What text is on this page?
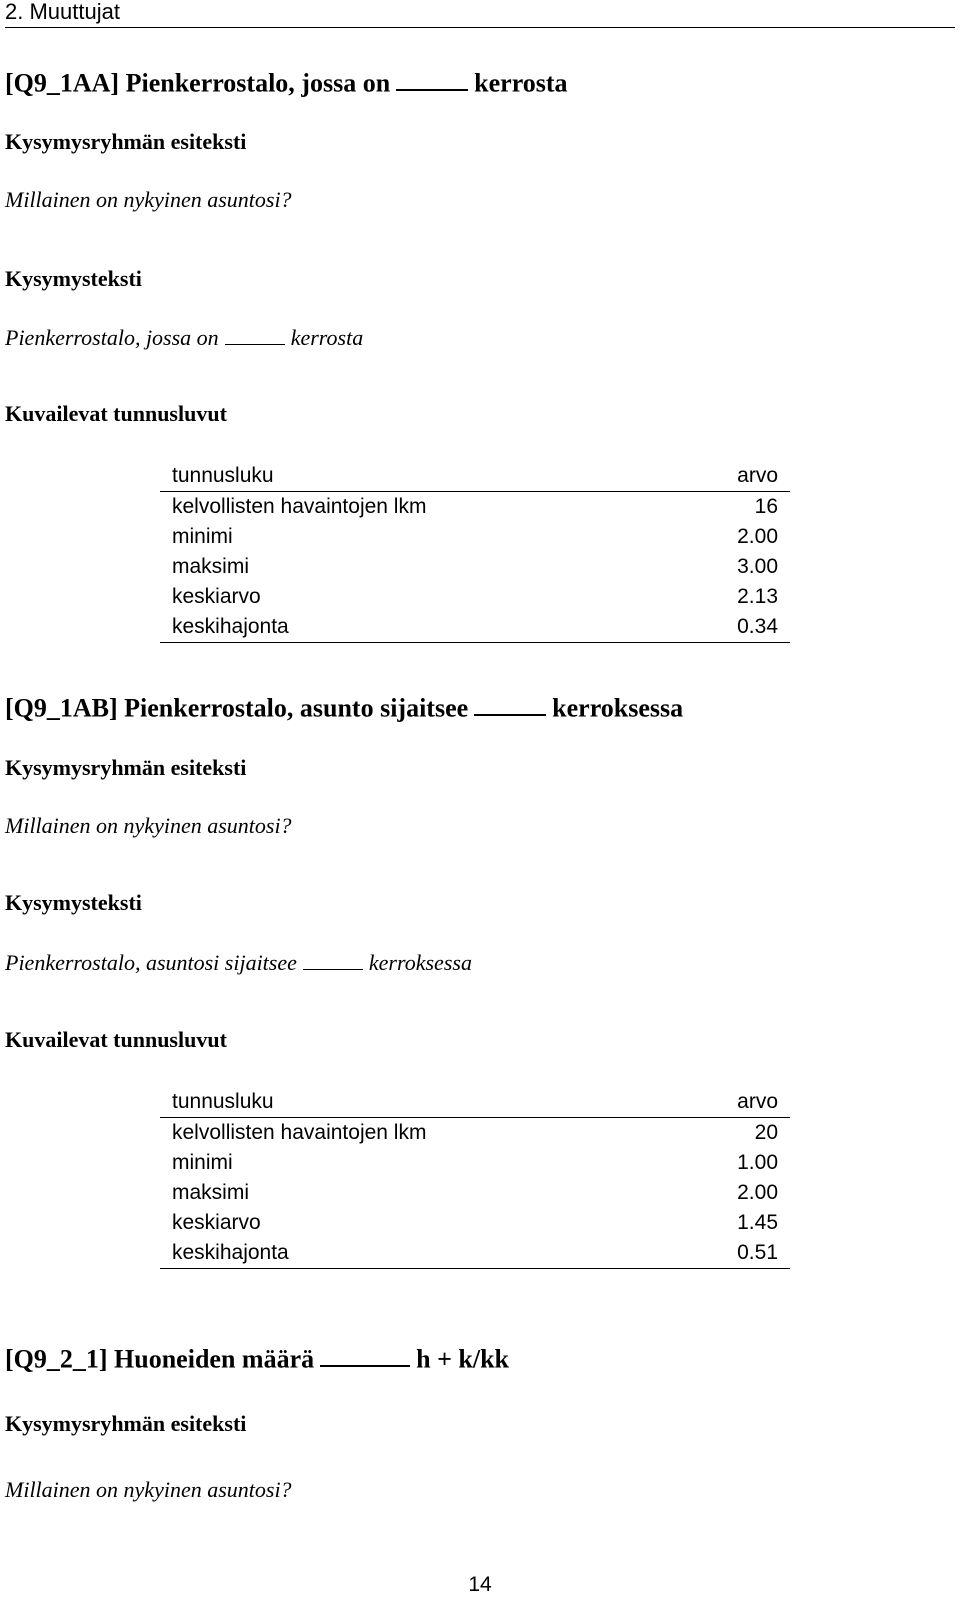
2. Muuttujat
[Q9_1AA] Pienkerrostalo, jossa on	kerrosta
Kysymysryhmän esiteksti
Millainen on nykyinen asuntosi?
Kysymysteksti
Pienkerrostalo, jossa on	kerrosta
Kuvailevat tunnusluvut
tunnusluku	arvo
kelvollisten havaintojen lkm	16
minimi	2.00
maksimi	3.00
keskiarvo	2.13
keskihajonta	0.34
[Q9_1AB] Pienkerrostalo, asunto sijaitsee	kerroksessa
Kysymysryhmän esiteksti
Millainen on nykyinen asuntosi?
Kysymysteksti
Pienkerrostalo, asuntosi sijaitsee	kerroksessa
Kuvailevat tunnusluvut
tunnusluku	arvo
kelvollisten havaintojen lkm	20
minimi	1.00
maksimi	2.00
keskiarvo	1.45
keskihajonta	0.51
[Q9_2_1] Huoneiden määrä	h + k/kk
Kysymysryhmän esiteksti
Millainen on nykyinen asuntosi?
14
